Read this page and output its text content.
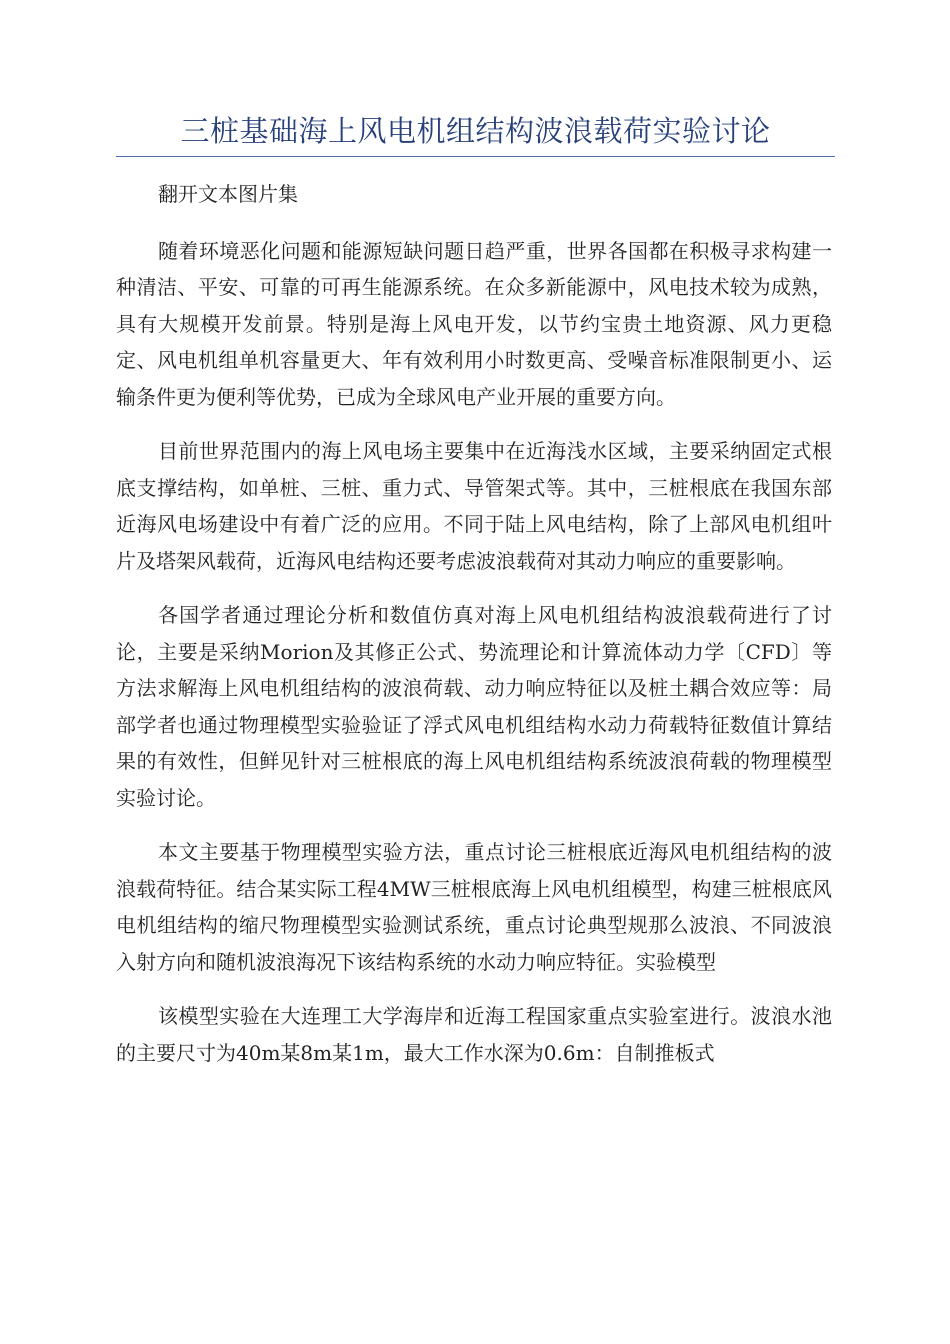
三桩基础海上风电机组结构波浪载荷实验讨论

翻开文本图片集

随着环境恶化问题和能源短缺问题日趋严重，世界各国都在积极寻求构建一种清洁、平安、可靠的可再生能源系统。在众多新能源中，风电技术较为成熟，具有大规模开发前景。特别是海上风电开发，以节约宝贵土地资源、风力更稳定、风电机组单机容量更大、年有效利用小时数更高、受噪音标准限制更小、运输条件更为便利等优势，已成为全球风电产业开展的重要方向。

目前世界范围内的海上风电场主要集中在近海浅水区域，主要采纳固定式根底支撑结构，如单桩、三桩、重力式、导管架式等。其中，三桩根底在我国东部近海风电场建设中有着广泛的应用。不同于陆上风电结构，除了上部风电机组叶片及塔架风载荷，近海风电结构还要考虑波浪载荷对其动力响应的重要影响。

各国学者通过理论分析和数值仿真对海上风电机组结构波浪载荷进行了讨论，主要是采纳Morion及其修正公式、势流理论和计算流体动力学〔CFD〕等方法求解海上风电机组结构的波浪荷载、动力响应特征以及桩土耦合效应等：局部学者也通过物理模型实验验证了浮式风电机组结构水动力荷载特征数值计算结果的有效性，但鲜见针对三桩根底的海上风电机组结构系统波浪荷载的物理模型实验讨论。

本文主要基于物理模型实验方法，重点讨论三桩根底近海风电机组结构的波浪载荷特征。结合某实际工程4MW三桩根底海上风电机组模型，构建三桩根底风电机组结构的缩尺物理模型实验测试系统，重点讨论典型规那么波浪、不同波浪入射方向和随机波浪海况下该结构系统的水动力响应特征。实验模型

该模型实验在大连理工大学海岸和近海工程国家重点实验室进行。波浪水池的主要尺寸为40m某8m某1m，最大工作水深为0.6m：自制推板式
